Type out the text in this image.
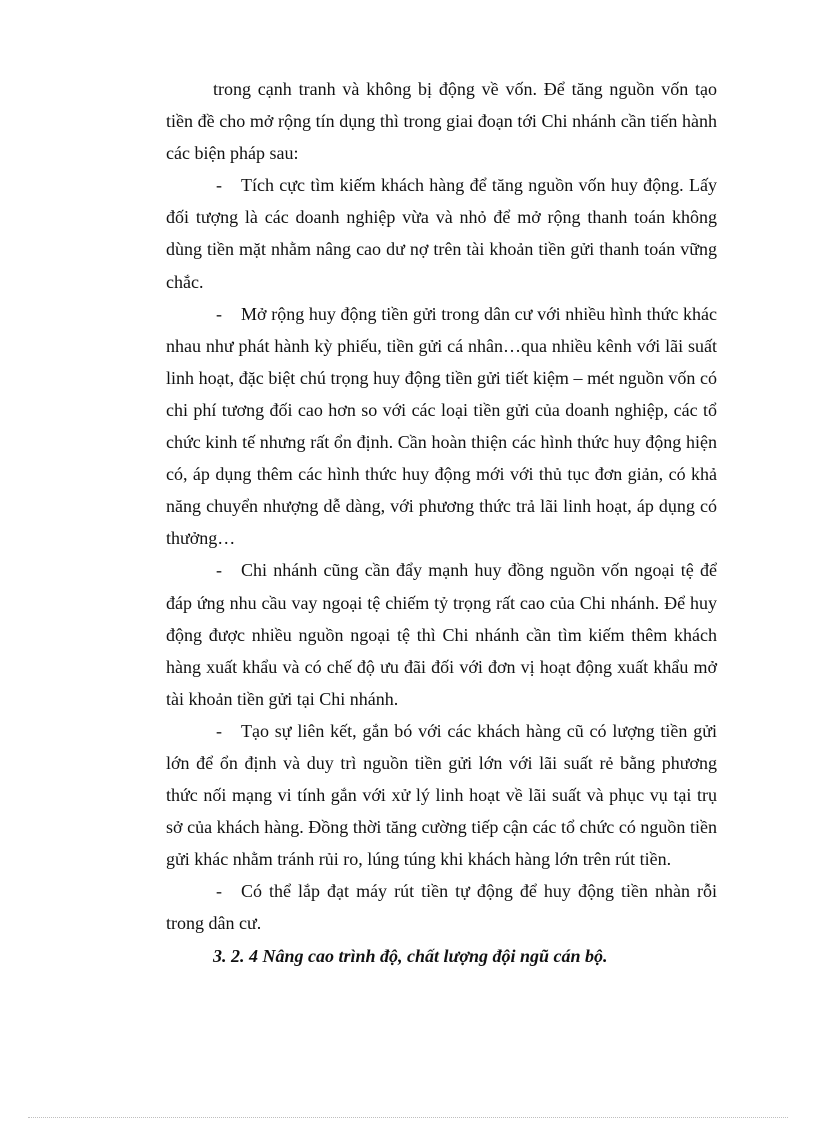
trong cạnh tranh và không bị động về vốn. Để tăng nguồn vốn tạo tiền đề cho mở rộng tín dụng thì trong giai đoạn tới Chi nhánh cần tiến hành các biện pháp sau:

- Tích cực tìm kiếm khách hàng để tăng nguồn vốn huy động. Lấy đối tượng là các doanh nghiệp vừa và nhỏ để mở rộng thanh toán không dùng tiền mặt nhằm nâng cao dư nợ trên tài khoản tiền gửi thanh toán vững chắc.

- Mở rộng huy động tiền gửi trong dân cư với nhiều hình thức khác nhau như phát hành kỳ phiếu, tiền gửi cá nhân…qua nhiều kênh với lãi suất linh hoạt, đặc biệt chú trọng huy động tiền gửi tiết kiệm – mét nguồn vốn có chi phí tương đối cao hơn so với các loại tiền gửi của doanh nghiệp, các tổ chức kinh tế nhưng rất ổn định. Cần hoàn thiện các hình thức huy động hiện có, áp dụng thêm các hình thức huy động mới với thủ tục đơn giản, có khả năng chuyển nhượng dễ dàng, với phương thức trả lãi linh hoạt, áp dụng có thưởng…

- Chi nhánh cũng cần đẩy mạnh huy đồng nguồn vốn ngoại tệ để đáp ứng nhu cầu vay ngoại tệ chiếm tỷ trọng rất cao của Chi nhánh. Để huy động được nhiều nguồn ngoại tệ thì Chi nhánh cần tìm kiếm thêm khách hàng xuất khẩu và có chế độ ưu đãi đối với đơn vị hoạt động xuất khẩu mở tài khoản tiền gửi tại Chi nhánh.

- Tạo sự liên kết, gắn bó với các khách hàng cũ có lượng tiền gửi lớn để ổn định và duy trì nguồn tiền gửi lớn với lãi suất rẻ bằng phương thức nối mạng vi tính gắn với xử lý linh hoạt về lãi suất và phục vụ tại trụ sở của khách hàng. Đồng thời tăng cường tiếp cận các tổ chức có nguồn tiền gửi khác nhằm tránh rủi ro, lúng túng khi khách hàng lớn trên rút tiền.

- Có thể lắp đạt máy rút tiền tự động để huy động tiền nhàn rỗi trong dân cư.

3. 2. 4 Nâng cao trình độ, chất lượng đội ngũ cán bộ.
